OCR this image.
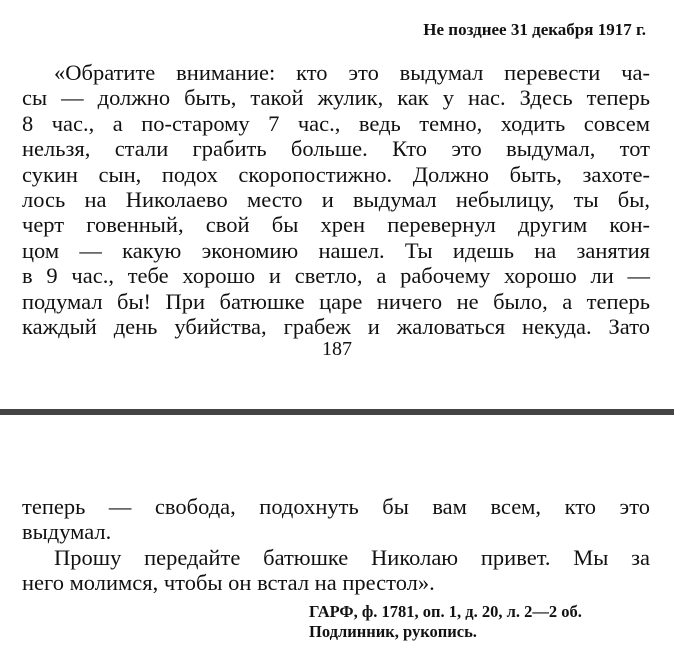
Не позднее 31 декабря 1917 г.
«Обратите внимание: кто это выдумал перевести ча-
сы — должно быть, такой жулик, как у нас. Здесь теперь
8 час., а по-старому 7 час., ведь темно, ходить совсем
нельзя, стали грабить больше. Кто это выдумал, тот
сукин сын, подох скоропостижно. Должно быть, захоте-
лось на Николаево место и выдумал небылицу, ты бы,
черт говенный, свой бы хрен перевернул другим кон-
цом — какую экономию нашел. Ты идешь на занятия
в 9 час., тебе хорошо и светло, а рабочему хорошо ли —
подумал бы! При батюшке царе ничего не было, а теперь
каждый день убийства, грабеж и жаловаться некуда. Зато
187
теперь — свобода, подохнуть бы вам всем, кто это
выдумал.
Прошу передайте батюшке Николаю привет. Мы за
него молимся, чтобы он встал на престол».
ГАРФ, ф. 1781, оп. 1, д. 20, л. 2—2 об.
Подлинник, рукопись.
